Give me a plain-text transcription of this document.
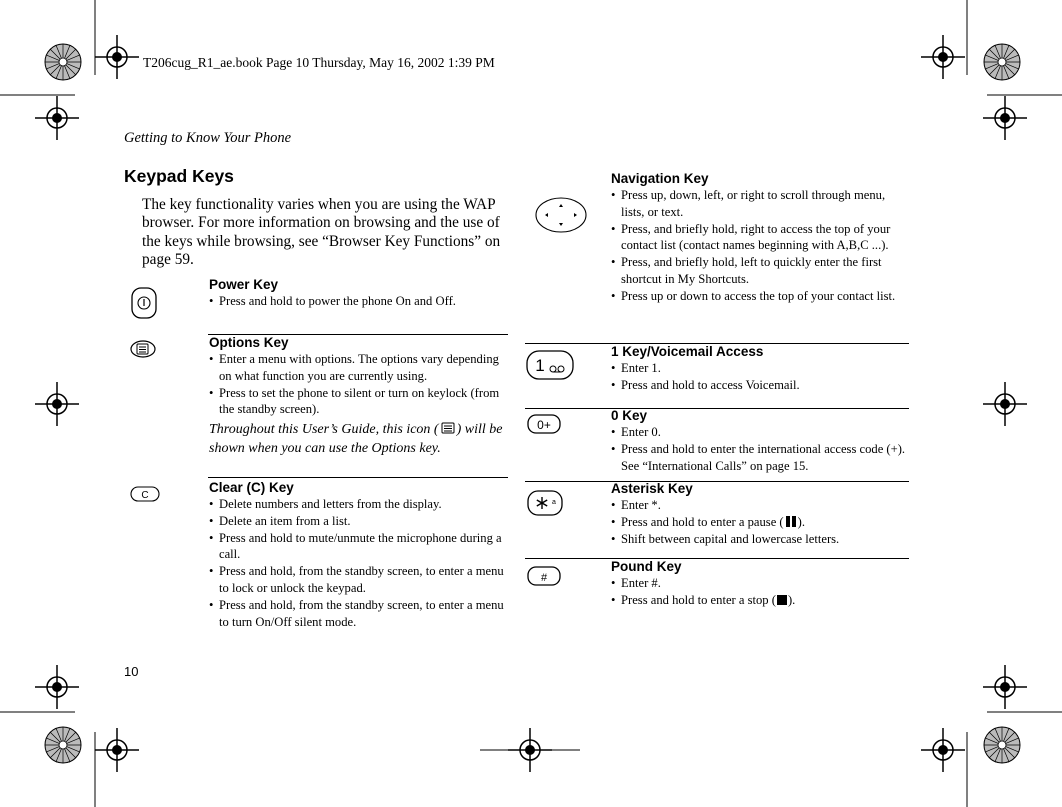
T206cug_R1_ae.book Page 10 Thursday, May 16, 2002 1:39 PM
Getting to Know Your Phone
Keypad Keys
The key functionality varies when you are using the WAP browser. For more information on browsing and the use of the keys while browsing, see “Browser Key Functions” on page 59.
Power Key
• Press and hold to power the phone On and Off.
Options Key
• Enter a menu with options. The options vary depending on what function you are currently using.
• Press to set the phone to silent or turn on keylock (from the standby screen).
Throughout this User’s Guide, this icon ( ) will be shown when you can use the Options key.
C
Clear (C) Key
• Delete numbers and letters from the display.
• Delete an item from a list.
• Press and hold to mute/unmute the microphone during a call.
• Press and hold, from the standby screen, to enter a menu to lock or unlock the keypad.
• Press and hold, from the standby screen, to enter a menu to turn On/Off silent mode.
Navigation Key
• Press up, down, left, or right to scroll through menu, lists, or text.
• Press, and briefly hold, right to access the top of your contact list (contact names beginning with A,B,C ...).
• Press, and briefly hold, left to quickly enter the first shortcut in My Shortcuts.
• Press up or down to access the top of your contact list.
1
1 Key/Voicemail Access
• Enter 1.
• Press and hold to access Voicemail.
0+
0 Key
• Enter 0.
• Press and hold to enter the international access code (+). See “International Calls” on page 15.
a
Asterisk Key
• Enter *.
• Press and hold to enter a pause ( ).
• Shift between capital and lowercase letters.
#
Pound Key
• Enter #.
• Press and hold to enter a stop ( ).
10
